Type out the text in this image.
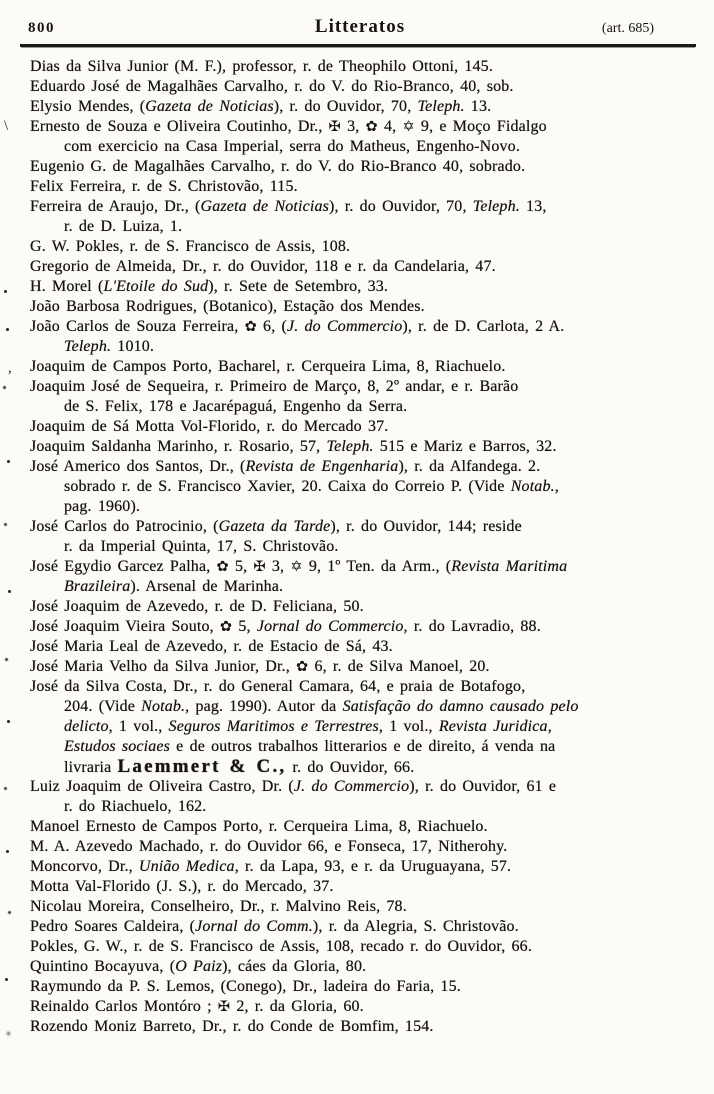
800	Litteratos	(art. 685)
Dias da Silva Junior (M. F.), professor, r. de Theophilo Ottoni, 145.
Eduardo José de Magalhães Carvalho, r. do V. do Rio-Branco, 40, sob.
Elysio Mendes, (Gazeta de Noticias), r. do Ouvidor, 70, Teleph. 13.
Ernesto de Souza e Oliveira Coutinho, Dr., ✠ 3, ✿ 4, ✡ 9, e Moço Fidalgo
com exercicio na Casa Imperial, serra do Matheus, Engenho-Novo.
Eugenio G. de Magalhães Carvalho, r. do V. do Rio-Branco 40, sobrado.
Felix Ferreira, r. de S. Christovão, 115.
Ferreira de Araujo, Dr., (Gazeta de Noticias), r. do Ouvidor, 70, Teleph. 13,
r. de D. Luiza, 1.
G. W. Pokles, r. de S. Francisco de Assis, 108.
Gregorio de Almeida, Dr., r. do Ouvidor, 118 e r. da Candelaria, 47.
H. Morel (L'Etoile do Sud), r. Sete de Setembro, 33.
João Barbosa Rodrigues, (Botanico), Estação dos Mendes.
João Carlos de Souza Ferreira, ✿ 6, (J. do Commercio), r. de D. Carlota, 2 A.
Teleph. 1010.
Joaquim de Campos Porto, Bacharel, r. Cerqueira Lima, 8, Riachuelo.
Joaquim José de Sequeira, r. Primeiro de Março, 8, 2º andar, e r. Barão
de S. Felix, 178 e Jacarépaguá, Engenho da Serra.
Joaquim de Sá Motta Vol-Florido, r. do Mercado 37.
Joaquim Saldanha Marinho, r. Rosario, 57, Teleph. 515 e Mariz e Barros, 32.
José Americo dos Santos, Dr., (Revista de Engenharia), r. da Alfandega. 2.
sobrado r. de S. Francisco Xavier, 20. Caixa do Correio P. (Vide Notab.,
pag. 1960).
José Carlos do Patrocinio, (Gazeta da Tarde), r. do Ouvidor, 144; reside
r. da Imperial Quinta, 17, S. Christovão.
José Egydio Garcez Palha, ✿ 5, ✠ 3, ✡ 9, 1º Ten. da Arm., (Revista Maritima
Brazileira). Arsenal de Marinha.
José Joaquim de Azevedo, r. de D. Feliciana, 50.
José Joaquim Vieira Souto, ✿ 5, Jornal do Commercio, r. do Lavradio, 88.
José Maria Leal de Azevedo, r. de Estacio de Sá, 43.
José Maria Velho da Silva Junior, Dr., ✿ 6, r. de Silva Manoel, 20.
José da Silva Costa, Dr., r. do General Camara, 64, e praia de Botafogo,
204. (Vide Notab., pag. 1990). Autor da Satisfação do damno causado pelo
delicto, 1 vol., Seguros Maritimos e Terrestres, 1 vol., Revista Juridica,
Estudos sociaes e de outros trabalhos litterarios e de direito, á venda na
livraria Laemmert & C., r. do Ouvidor, 66.
Luiz Joaquim de Oliveira Castro, Dr. (J. do Commercio), r. do Ouvidor, 61 e
r. do Riachuelo, 162.
Manoel Ernesto de Campos Porto, r. Cerqueira Lima, 8, Riachuelo.
M. A. Azevedo Machado, r. do Ouvidor 66, e Fonseca, 17, Nitherohy.
Moncorvo, Dr., União Medica, r. da Lapa, 93, e r. da Uruguayana, 57.
Motta Val-Florido (J. S.), r. do Mercado, 37.
Nicolau Moreira, Conselheiro, Dr., r. Malvino Reis, 78.
Pedro Soares Caldeira, (Jornal do Comm.), r. da Alegria, S. Christovão.
Pokles, G. W., r. de S. Francisco de Assis, 108, recado r. do Ouvidor, 66.
Quintino Bocayuva, (O Paiz), cáes da Gloria, 80.
Raymundo da P. S. Lemos, (Conego), Dr., ladeira do Faria, 15.
Reinaldo Carlos Montóro ; ✠ 2, r. da Gloria, 60.
Rozendo Moniz Barreto, Dr., r. do Conde de Bomfim, 154.
\
,
